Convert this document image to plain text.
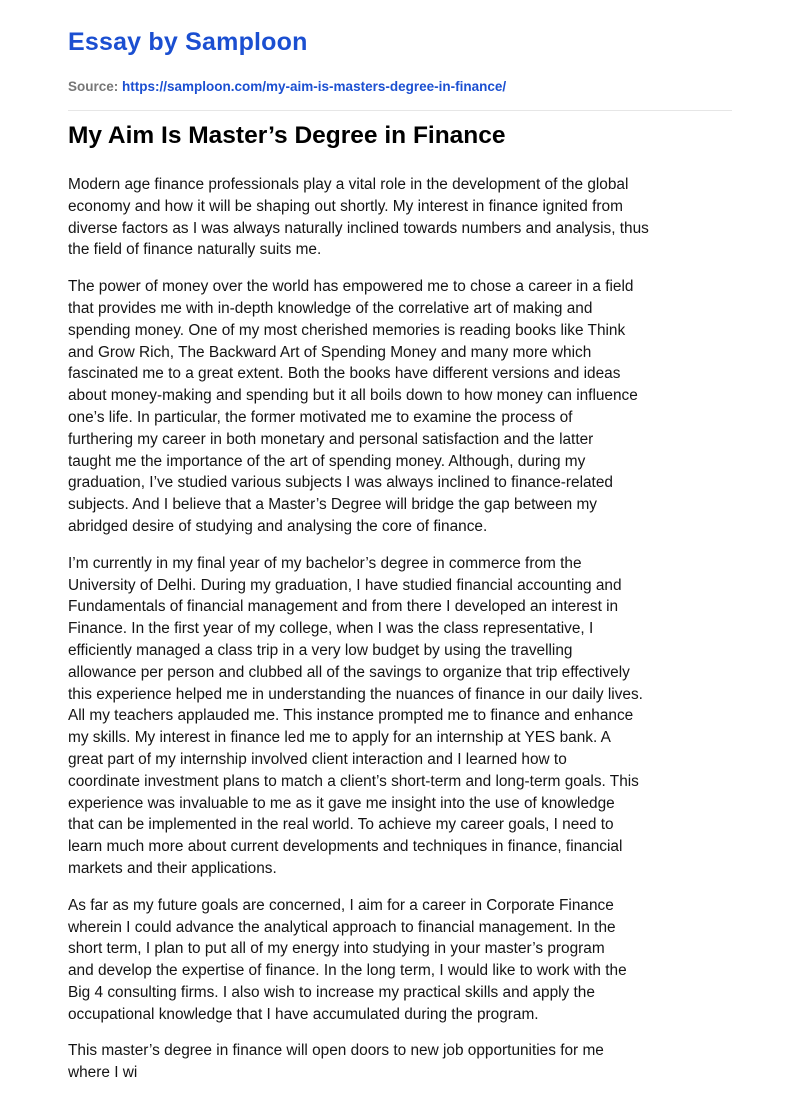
Essay by Samploon
Source: https://samploon.com/my-aim-is-masters-degree-in-finance/
My Aim Is Master’s Degree in Finance
Modern age finance professionals play a vital role in the development of the global
economy and how it will be shaping out shortly. My interest in finance ignited from
diverse factors as I was always naturally inclined towards numbers and analysis, thus
the field of finance naturally suits me.
The power of money over the world has empowered me to chose a career in a field
that provides me with in-depth knowledge of the correlative art of making and
spending money. One of my most cherished memories is reading books like Think
and Grow Rich, The Backward Art of Spending Money and many more which
fascinated me to a great extent. Both the books have different versions and ideas
about money-making and spending but it all boils down to how money can influence
one’s life. In particular, the former motivated me to examine the process of
furthering my career in both monetary and personal satisfaction and the latter
taught me the importance of the art of spending money. Although, during my
graduation, I’ve studied various subjects I was always inclined to finance-related
subjects. And I believe that a Master’s Degree will bridge the gap between my
abridged desire of studying and analysing the core of finance.
I’m currently in my final year of my bachelor’s degree in commerce from the
University of Delhi. During my graduation, I have studied financial accounting and
Fundamentals of financial management and from there I developed an interest in
Finance. In the first year of my college, when I was the class representative, I
efficiently managed a class trip in a very low budget by using the travelling
allowance per person and clubbed all of the savings to organize that trip effectively
this experience helped me in understanding the nuances of finance in our daily lives.
All my teachers applauded me. This instance prompted me to finance and enhance
my skills. My interest in finance led me to apply for an internship at YES bank. A
great part of my internship involved client interaction and I learned how to
coordinate investment plans to match a client’s short-term and long-term goals. This
experience was invaluable to me as it gave me insight into the use of knowledge
that can be implemented in the real world. To achieve my career goals, I need to
learn much more about current developments and techniques in finance, financial
markets and their applications.
As far as my future goals are concerned, I aim for a career in Corporate Finance
wherein I could advance the analytical approach to financial management. In the
short term, I plan to put all of my energy into studying in your master’s program
and develop the expertise of finance. In the long term, I would like to work with the
Big 4 consulting firms. I also wish to increase my practical skills and apply the
occupational knowledge that I have accumulated during the program.
This master’s degree in finance will open doors to new job opportunities for me
where I wi
